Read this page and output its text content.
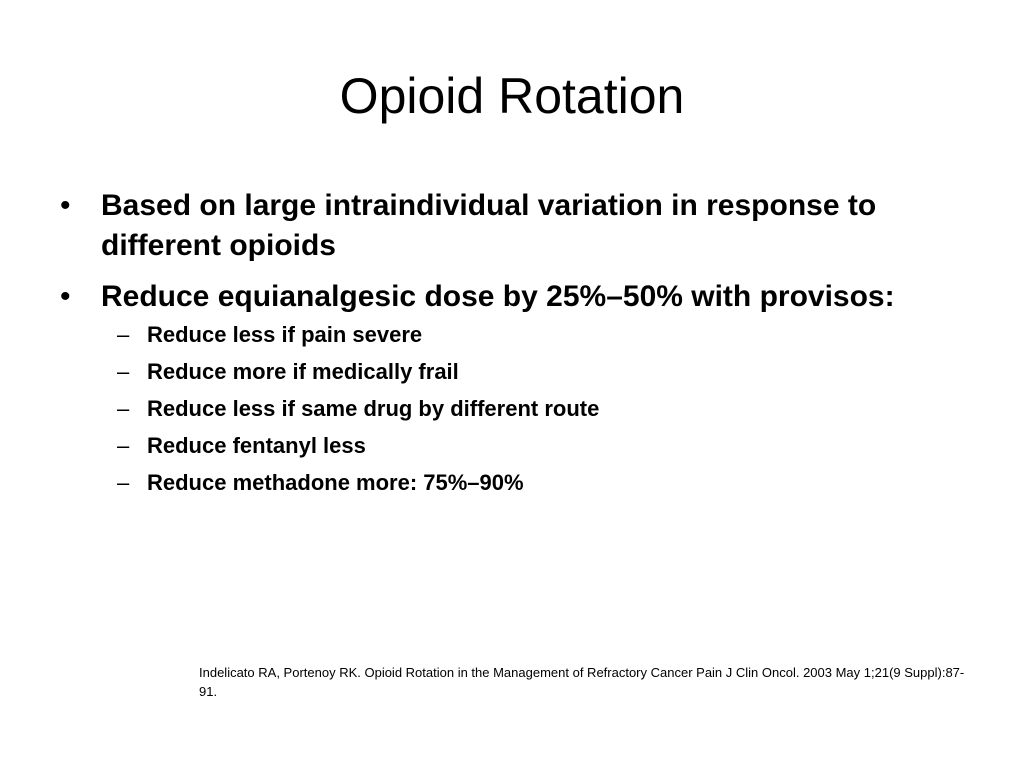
Opioid Rotation
•	Based on large intraindividual variation in response to different opioids
•	Reduce equianalgesic dose by 25%–50% with provisos:
– Reduce less if pain severe
– Reduce more if medically frail
– Reduce less if same drug by different route
– Reduce fentanyl less
– Reduce methadone more: 75%–90%

Indelicato RA, Portenoy RK. Opioid Rotation in the Management of Refractory Cancer Pain J Clin Oncol. 2003 May 1;21(9 Suppl):87-91.
